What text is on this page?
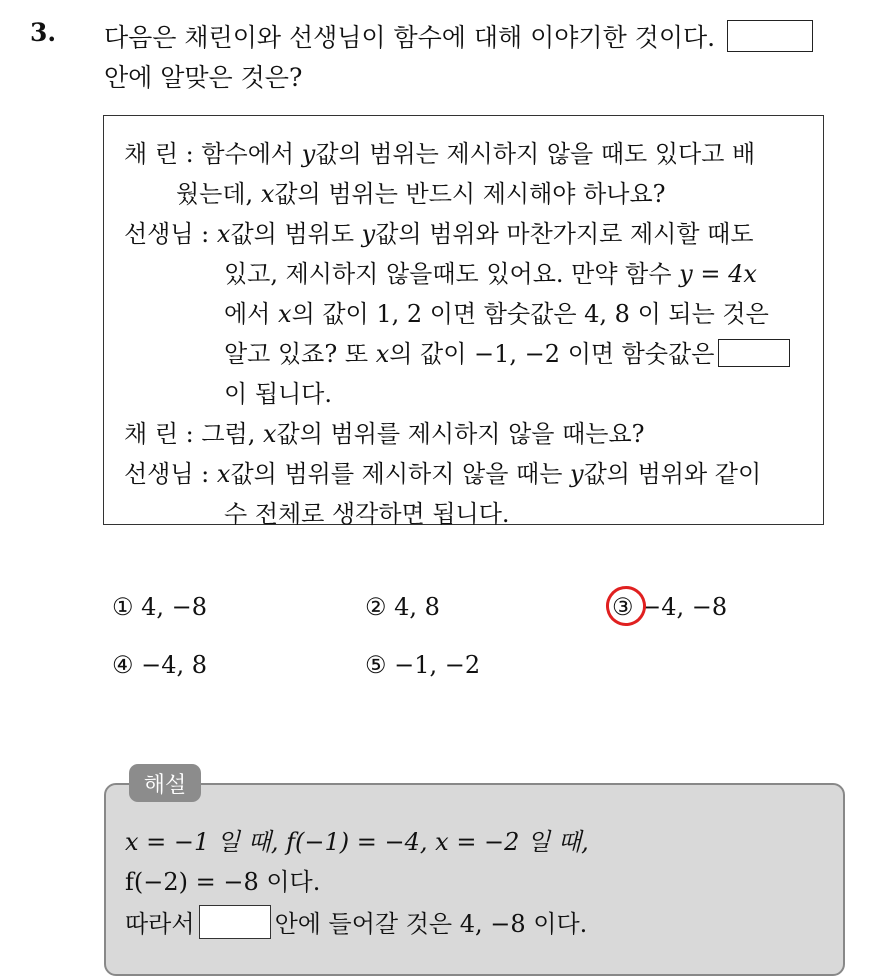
3. 다음은 채린이와 선생님이 함수에 대해 이야기한 것이다.
안에 알맞은 것은?
채 린 : 함수에서 y값의 범위는 제시하지 않을 때도 있다고 배
웠는데, x값의 범위는 반드시 제시해야 하나요?
선생님 : x값의 범위도 y값의 범위와 마찬가지로 제시할 때도
있고, 제시하지 않을때도 있어요. 만약 함수 y = 4x
에서 x의 값이 1, 2 이면 함숫값은 4, 8 이 되는 것은
알고 있죠? 또 x의 값이 −1, −2 이면 함숫값은
이 됩니다.
채 린 : 그럼, x값의 범위를 제시하지 않을 때는요?
선생님 : x값의 범위를 제시하지 않을 때는 y값의 범위와 같이
수 전체로 생각하면 됩니다.
① 4, −8	② 4, 8	③ −4, −8
④ −4, 8	⑤ −1, −2
해설
x = −1 일 때, f(−1) = −4, x = −2 일 때,
f(−2) = −8 이다.
따라서	안에 들어갈 것은 4, −8 이다.
